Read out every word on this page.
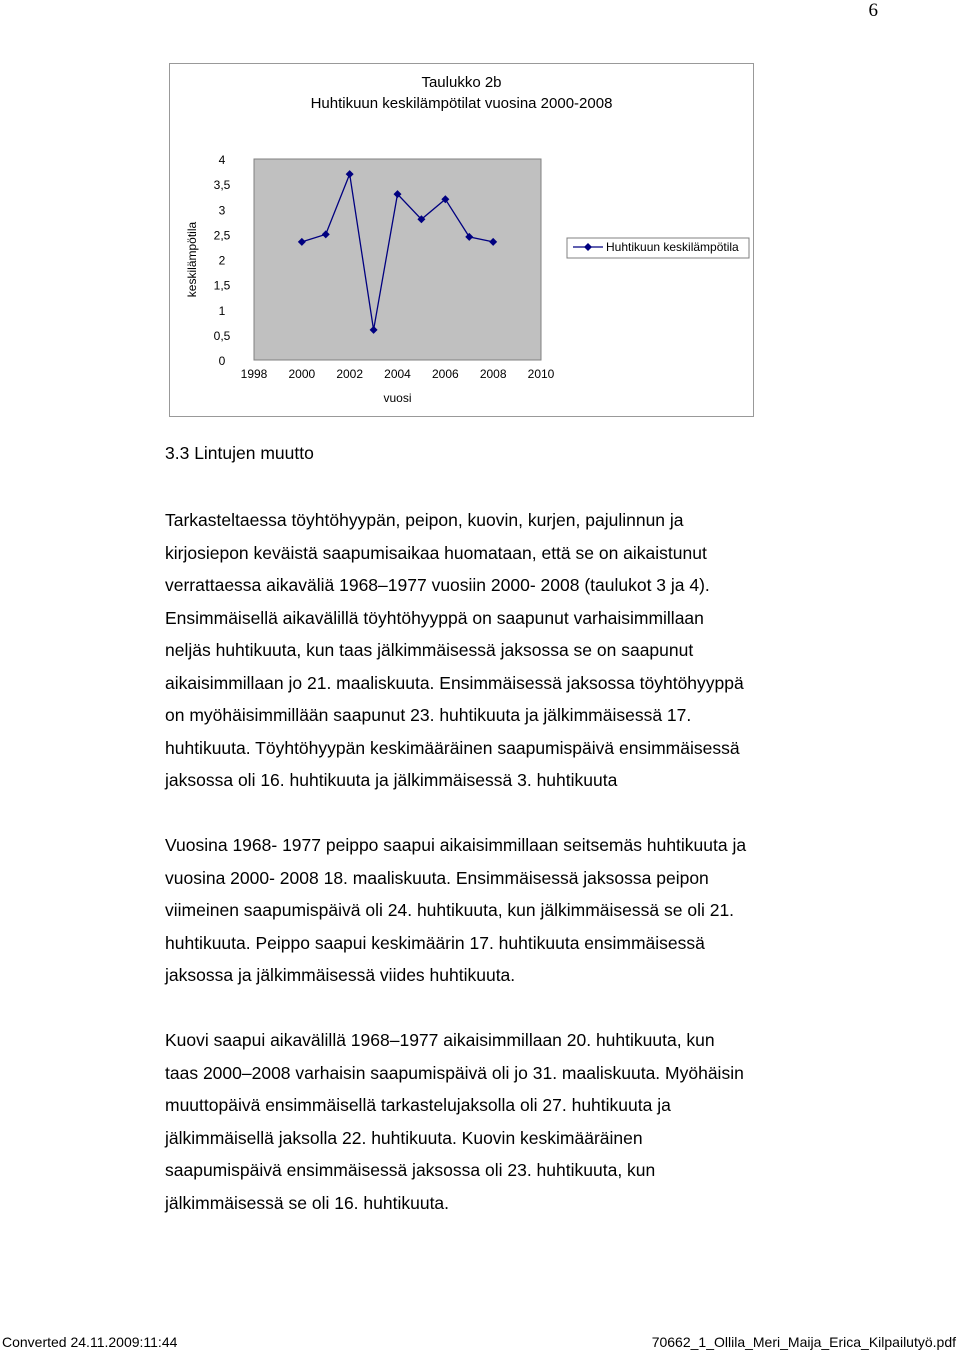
6
Taulukko 2b
Huhtikuun keskilämpötilat vuosina 2000-2008
0
0,5
1
1,5
2
2,5
3
3,5
4
1998 2000 2002 2004 2006 2008 2010
vuosi
keskilämpötila	Huhtikuun keskilämpötila
3.3 Lintujen muutto

Tarkasteltaessa töyhtöhyypän, peipon, kuovin, kurjen, pajulinnun ja
kirjosiepon keväistä saapumisaikaa huomataan, että se on aikaistunut
verrattaessa aikaväliä 1968–1977 vuosiin 2000- 2008 (taulukot 3 ja 4).
Ensimmäisellä aikavälillä töyhtöhyyppä on saapunut varhaisimmillaan
neljäs huhtikuuta, kun taas jälkimmäisessä jaksossa se on saapunut
aikaisimmillaan jo 21. maaliskuuta. Ensimmäisessä jaksossa töyhtöhyyppä
on myöhäisimmillään saapunut 23. huhtikuuta ja jälkimmäisessä 17.
huhtikuuta. Töyhtöhyypän keskimääräinen saapumispäivä ensimmäisessä
jaksossa oli 16. huhtikuuta ja jälkimmäisessä 3. huhtikuuta

Vuosina 1968- 1977 peippo saapui aikaisimmillaan seitsemäs huhtikuuta ja
vuosina 2000- 2008 18. maaliskuuta. Ensimmäisessä jaksossa peipon
viimeinen saapumispäivä oli 24. huhtikuuta, kun jälkimmäisessä se oli 21.
huhtikuuta. Peippo saapui keskimäärin 17. huhtikuuta ensimmäisessä
jaksossa ja jälkimmäisessä viides huhtikuuta.

Kuovi saapui aikavälillä 1968–1977 aikaisimmillaan 20. huhtikuuta, kun
taas 2000–2008 varhaisin saapumispäivä oli jo 31. maaliskuuta. Myöhäisin
muuttopäivä ensimmäisellä tarkastelujaksolla oli 27. huhtikuuta ja
jälkimmäisellä jaksolla 22. huhtikuuta. Kuovin keskimääräinen
saapumispäivä ensimmäisessä jaksossa oli 23. huhtikuuta, kun
jälkimmäisessä se oli 16. huhtikuuta.

Converted 24.11.2009:11:44	70662_1_Ollila_Meri_Maija_Erica_Kilpailutyö.pdf
